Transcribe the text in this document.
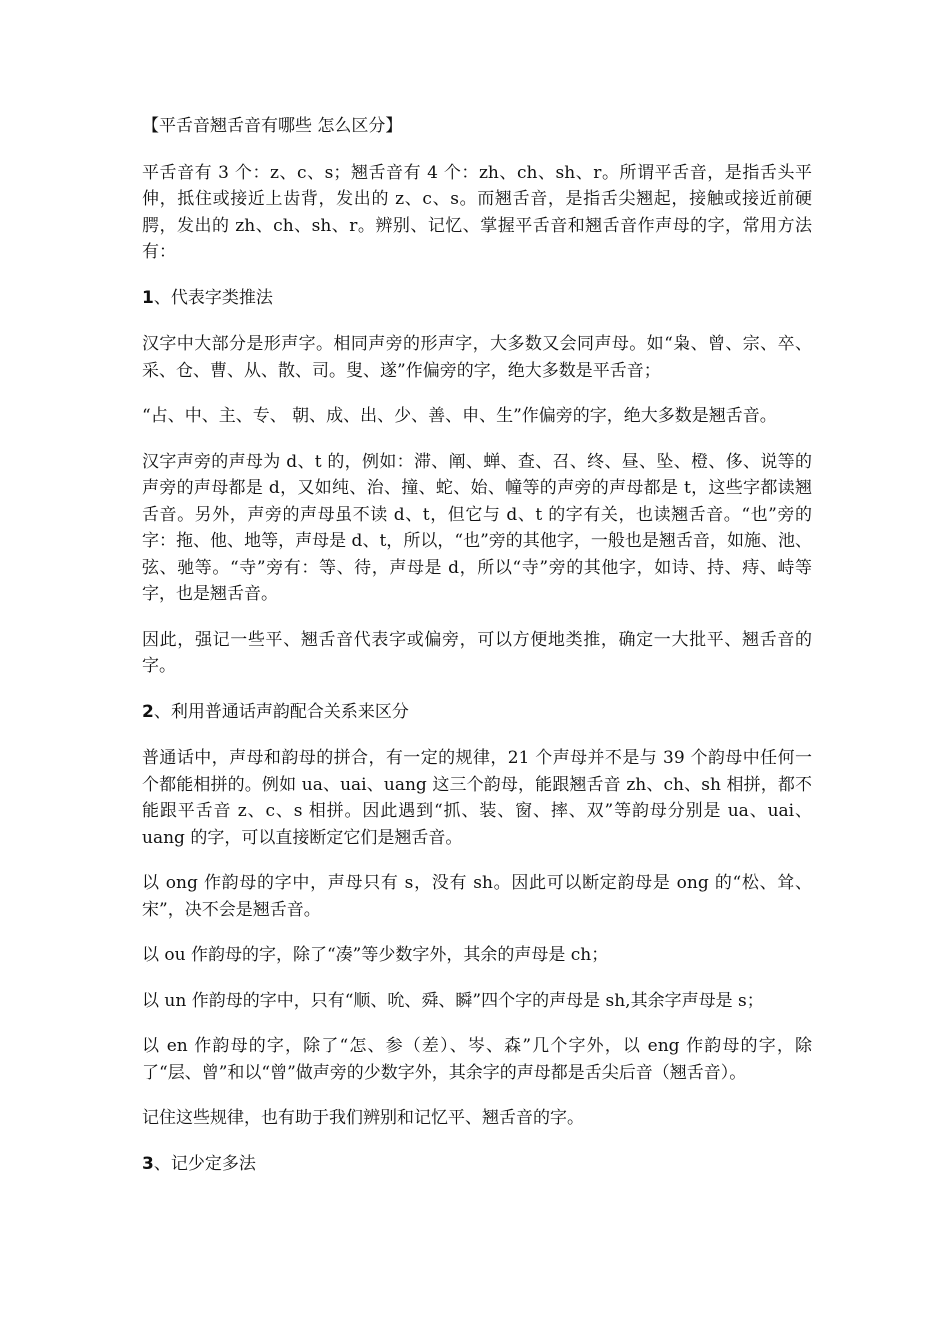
【平舌音翘舌音有哪些 怎么区分】

平舌音有 3 个：z、c、s；翘舌音有 4 个：zh、ch、sh、r。所谓平舌音，是指舌头平伸，抵住或接近上齿背，发出的 z、c、s。而翘舌音，是指舌尖翘起，接触或接近前硬腭，发出的 zh、ch、sh、r。辨别、记忆、掌握平舌音和翘舌音作声母的字，常用方法有：

1、代表字类推法

汉字中大部分是形声字。相同声旁的形声字，大多数又会同声母。如“枭、曾、宗、卒、采、仓、曹、从、散、司。叟、遂”作偏旁的字，绝大多数是平舌音；

“占、中、主、专、 朝、成、出、少、善、申、生”作偏旁的字，绝大多数是翘舌音。

汉字声旁的声母为 d、t 的，例如：滞、阐、蝉、查、召、终、昼、坠、橙、侈、说等的声旁的声母都是 d，又如纯、治、撞、蛇、始、幢等的声旁的声母都是 t，这些字都读翘舌音。另外，声旁的声母虽不读 d、t，但它与 d、t 的字有关，也读翘舌音。“也”旁的字：拖、他、地等，声母是 d、t，所以，“也”旁的其他字，一般也是翘舌音，如施、池、弦、驰等。“寺”旁有：等、待，声母是 d，所以“寺”旁的其他字，如诗、持、痔、峙等字，也是翘舌音。

因此，强记一些平、翘舌音代表字或偏旁，可以方便地类推，确定一大批平、翘舌音的字。

2、利用普通话声韵配合关系来区分

普通话中，声母和韵母的拼合，有一定的规律，21 个声母并不是与 39 个韵母中任何一个都能相拼的。例如 ua、uai、uang 这三个韵母，能跟翘舌音 zh、ch、sh 相拼，都不能跟平舌音 z、c、s 相拼。因此遇到“抓、装、窗、摔、双”等韵母分别是 ua、uai、uang 的字，可以直接断定它们是翘舌音。

以 ong 作韵母的字中，声母只有 s，没有 sh。因此可以断定韵母是 ong 的“松、耸、宋”，决不会是翘舌音。

以 ou 作韵母的字，除了“凑”等少数字外，其余的声母是 ch；

以 un 作韵母的字中，只有“顺、吮、舜、瞬”四个字的声母是 sh,其余字声母是 s；

以 en 作韵母的字，除了“怎、参（差）、岑、森”几个字外，以 eng 作韵母的字，除了“层、曾”和以“曾”做声旁的少数字外，其余字的声母都是舌尖后音（翘舌音）。

记住这些规律，也有助于我们辨别和记忆平、翘舌音的字。

3、记少定多法
